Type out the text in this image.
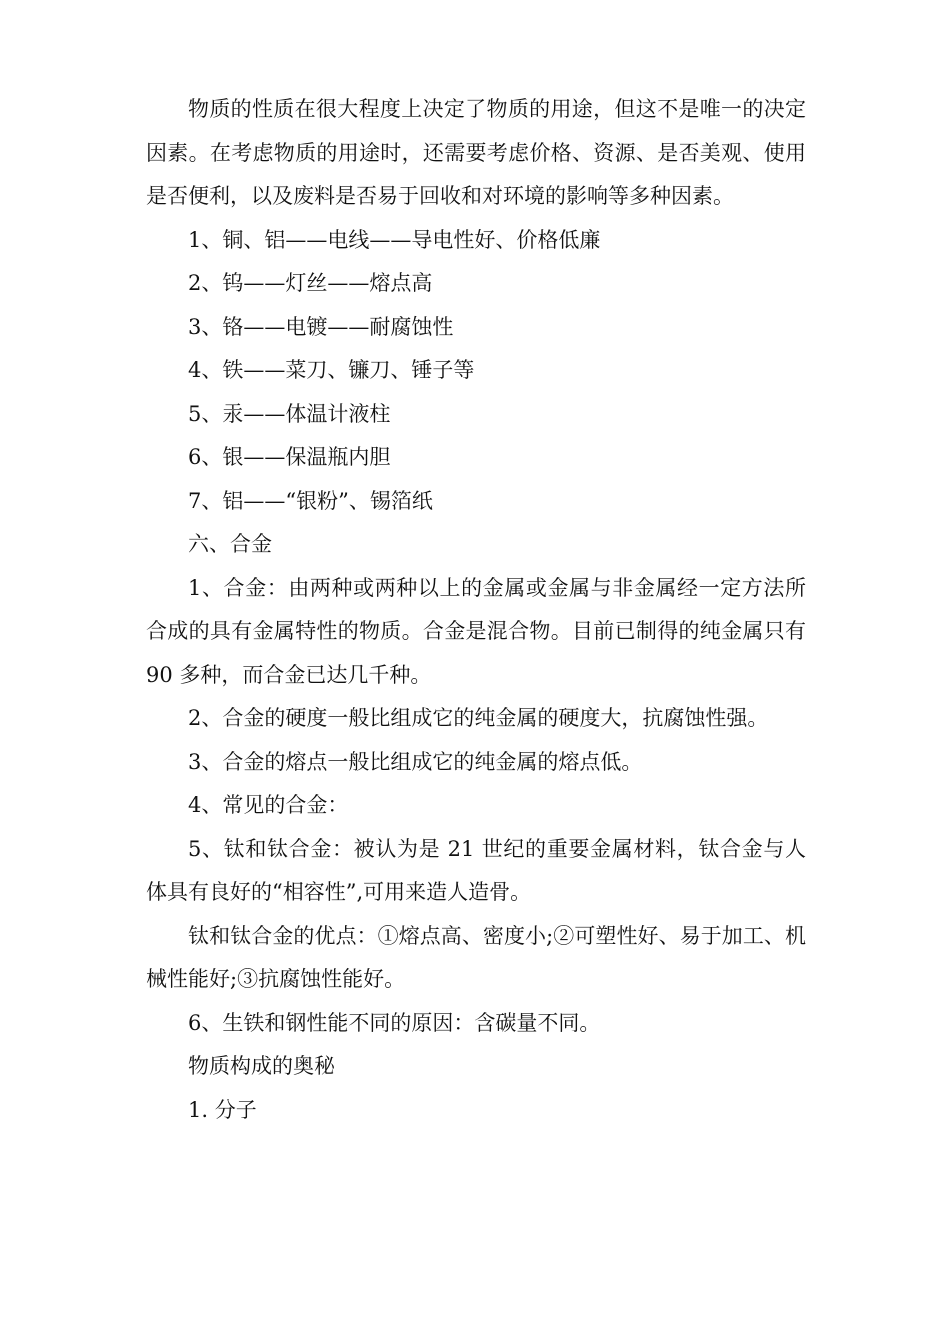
物质的性质在很大程度上决定了物质的用途，但这不是唯一的决定因素。在考虑物质的用途时，还需要考虑价格、资源、是否美观、使用是否便利，以及废料是否易于回收和对环境的影响等多种因素。

1、铜、铝——电线——导电性好、价格低廉

2、钨——灯丝——熔点高

3、铬——电镀——耐腐蚀性

4、铁——菜刀、镰刀、锤子等

5、汞——体温计液柱

6、银——保温瓶内胆

7、铝——“银粉”、锡箔纸

六、合金

1、合金：由两种或两种以上的金属或金属与非金属经一定方法所合成的具有金属特性的物质。合金是混合物。目前已制得的纯金属只有 90 多种，而合金已达几千种。

2、合金的硬度一般比组成它的纯金属的硬度大，抗腐蚀性强。

3、合金的熔点一般比组成它的纯金属的熔点低。

4、常见的合金：

5、钛和钛合金：被认为是 21 世纪的重要金属材料，钛合金与人体具有良好的“相容性”,可用来造人造骨。

钛和钛合金的优点：①熔点高、密度小;②可塑性好、易于加工、机械性能好;③抗腐蚀性能好。

6、生铁和钢性能不同的原因：含碳量不同。

物质构成的奥秘

1. 分子
